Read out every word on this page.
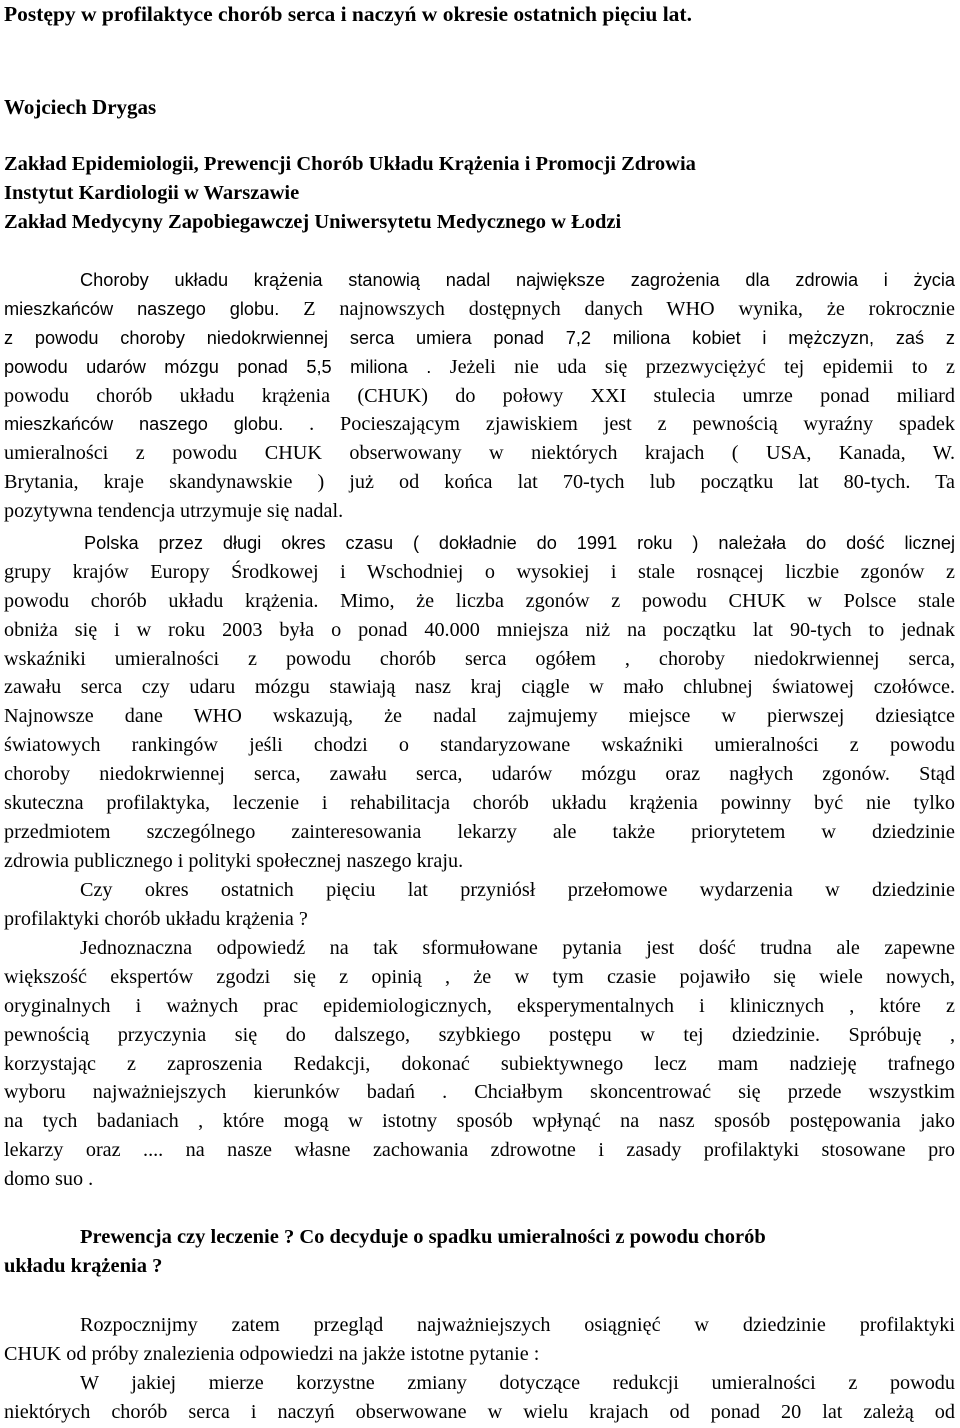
Postępy w profilaktyce chorób serca i naczyń w okresie ostatnich pięciu lat.
Wojciech Drygas
Zakład Epidemiologii, Prewencji Chorób Układu Krążenia i Promocji Zdrowia
Instytut Kardiologii w Warszawie
Zakład Medycyny Zapobiegawczej Uniwersytetu Medycznego w Łodzi
Choroby układu krążenia stanowią nadal największe zagrożenia dla zdrowia i życia
mieszkańców naszego globu. Z najnowszych dostępnych danych WHO wynika, że rokrocznie
z powodu choroby niedokrwiennej serca umiera ponad 7,2 miliona kobiet i mężczyzn, zaś z
powodu udarów mózgu ponad 5,5 miliona . Jeżeli nie uda się przezwyciężyć tej epidemii to z
powodu chorób układu krążenia (CHUK) do połowy XXI stulecia umrze ponad miliard
mieszkańców naszego globu. . Pocieszającym zjawiskiem jest z pewnością wyraźny spadek
umieralności z powodu CHUK obserwowany w niektórych krajach ( USA, Kanada, W.
Brytania, kraje skandynawskie ) już od końca lat 70-tych lub początku lat 80-tych. Ta
pozytywna tendencja utrzymuje się nadal.
Polska przez długi okres czasu ( dokładnie do 1991 roku ) należała do dość licznej
grupy krajów Europy Środkowej i Wschodniej o wysokiej i stale rosnącej liczbie zgonów z
powodu chorób układu krążenia. Mimo, że liczba zgonów z powodu CHUK w Polsce stale
obniża się i w roku 2003 była o ponad 40.000 mniejsza niż na początku lat 90-tych to jednak
wskaźniki umieralności z powodu chorób serca ogółem , choroby niedokrwiennej serca,
zawału serca czy udaru mózgu stawiają nasz kraj ciągle w mało chlubnej światowej czołówce.
Najnowsze dane WHO wskazują, że nadal zajmujemy miejsce w pierwszej dziesiątce
światowych rankingów jeśli chodzi o standaryzowane wskaźniki umieralności z powodu
choroby niedokrwiennej serca, zawału serca, udarów mózgu oraz nagłych zgonów. Stąd
skuteczna profilaktyka, leczenie i rehabilitacja chorób układu krążenia powinny być nie tylko
przedmiotem szczególnego zainteresowania lekarzy ale także priorytetem w dziedzinie
zdrowia publicznego i polityki społecznej naszego kraju.
Czy okres ostatnich pięciu lat przyniósł przełomowe wydarzenia w dziedzinie
profilaktyki chorób układu krążenia ?
Jednoznaczna odpowiedź na tak sformułowane pytania jest dość trudna ale zapewne
większość ekspertów zgodzi się z opinią , że w tym czasie pojawiło się wiele nowych,
oryginalnych i ważnych prac epidemiologicznych, eksperymentalnych i klinicznych , które z
pewnością przyczynia się do dalszego, szybkiego postępu w tej dziedzinie. Spróbuję ,
korzystając z zaproszenia Redakcji, dokonać subiektywnego lecz mam nadzieję trafnego
wyboru najważniejszych kierunków badań . Chciałbym skoncentrować się przede wszystkim
na tych badaniach , które mogą w istotny sposób wpłynąć na nasz sposób postępowania jako
lekarzy oraz .... na nasze własne zachowania zdrowotne i zasady profilaktyki stosowane pro
domo suo .
Prewencja czy leczenie ? Co decyduje o spadku umieralności z powodu chorób
układu krążenia ?
Rozpocznijmy zatem przegląd najważniejszych osiągnięć w dziedzinie profilaktyki
CHUK od próby znalezienia odpowiedzi na jakże istotne pytanie :
W jakiej mierze korzystne zmiany dotyczące redukcji umieralności z powodu
niektórych chorób serca i naczyń obserwowane w wielu krajach od ponad 20 lat zależą od
